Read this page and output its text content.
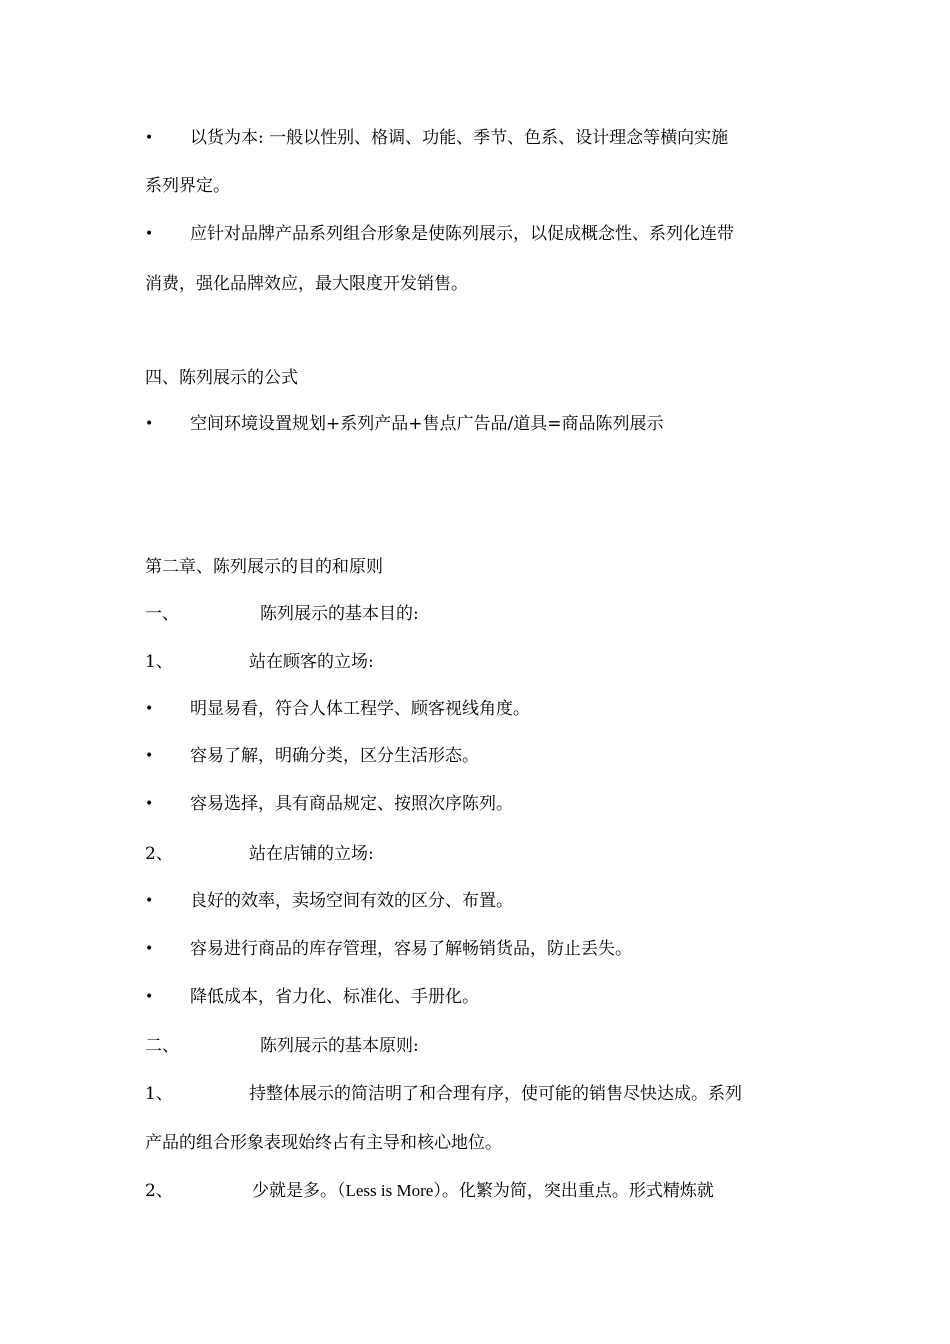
• 以货为本: 一般以性别、格调、功能、季节、色系、设计理念等横向实施
系列界定。
• 应针对品牌产品系列组合形象是使陈列展示，以促成概念性、系列化连带
消费，强化品牌效应，最大限度开发销售。
四、陈列展示的公式
• 空间环境设置规划+系列产品+售点广告品/道具=商品陈列展示
第二章、陈列展示的目的和原则
一、	陈列展示的基本目的:
1、	站在顾客的立场:
• 明显易看，符合人体工程学、顾客视线角度。
• 容易了解，明确分类，区分生活形态。
• 容易选择，具有商品规定、按照次序陈列。
2、	站在店铺的立场:
• 良好的效率，卖场空间有效的区分、布置。
• 容易进行商品的库存管理，容易了解畅销货品，防止丢失。
• 降低成本，省力化、标准化、手册化。
二、	陈列展示的基本原则:
1、	持整体展示的简洁明了和合理有序，使可能的销售尽快达成。系列
产品的组合形象表现始终占有主导和核心地位。
2、	少就是多。（Less is More）。化繁为简，突出重点。形式精炼就
